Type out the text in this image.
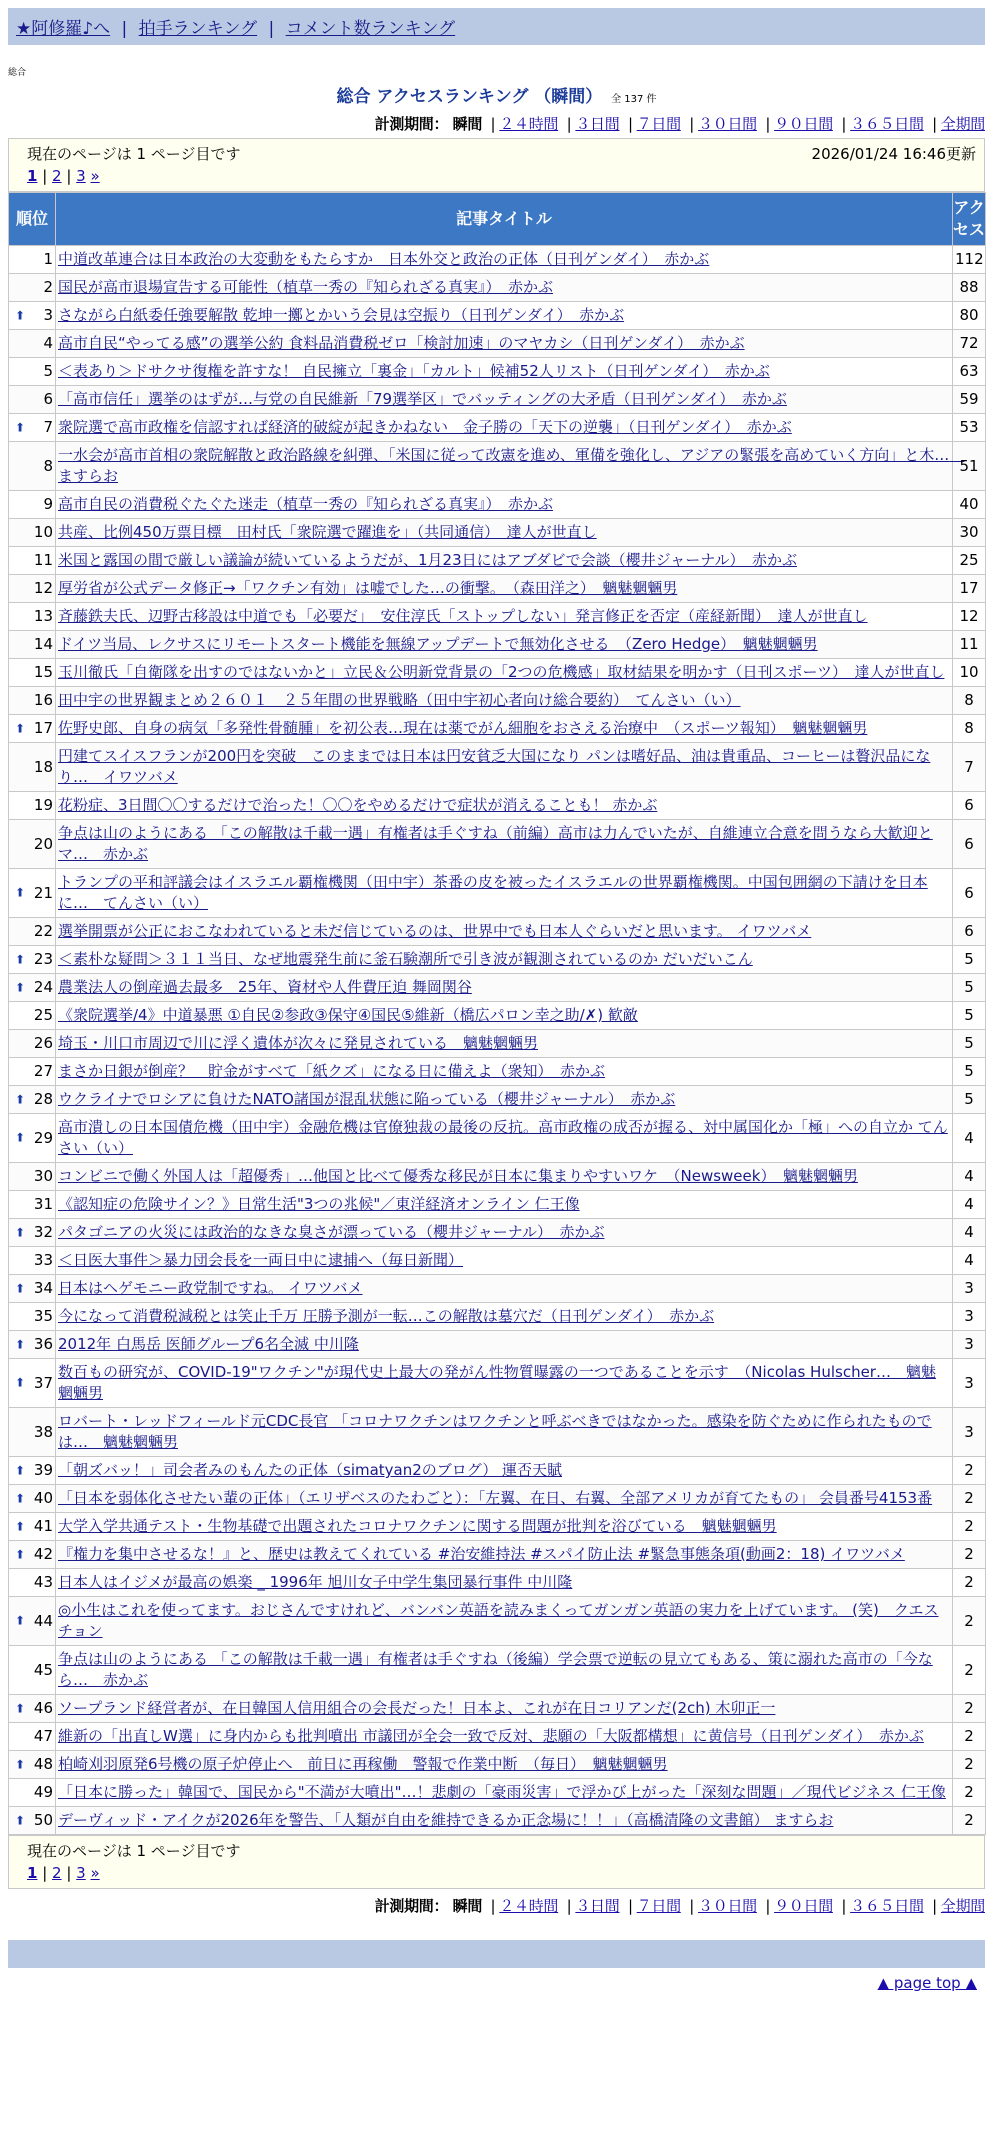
★阿修羅♪へ | 拍手ランキング | コメント数ランキング
総合
総合 アクセスランキング （瞬間） 全 137 件
計測期間： 瞬間 | ２４時間 | ３日間 | ７日間 | ３０日間 | ９０日間 | ３６５日間 | 全期間
現在のページは 1 ページ目です	2026/01/24 16:46更新
1 | 2 | 3 »
順位	記事タイトル	アクセス
1	中道改革連合は日本政治の大変動をもたらすか　日本外交と政治の正体（日刊ゲンダイ）　赤かぶ	112
2	国民が高市退場宣告する可能性（植草一秀の『知られざる真実』）　赤かぶ	88

⬆ 3	さながら白紙委任強要解散 乾坤一擲とかいう会見は空振り（日刊ゲンダイ）　赤かぶ	80
4	高市自民“やってる感”の選挙公約 食料品消費税ゼロ「検討加速」のマヤカシ（日刊ゲンダイ）　赤かぶ	72
5	＜表あり＞ドサクサ復権を許すな！ 自民擁立「裏金」「カルト」候補52人リスト（日刊ゲンダイ）　赤かぶ	63
6	「高市信任」選挙のはずが…与党の自民維新「79選挙区」でバッティングの大矛盾（日刊ゲンダイ）　赤かぶ	59

⬆ 7	衆院選で高市政権を信認すれば経済的破綻が起きかねない　金子勝の「天下の逆襲」（日刊ゲンダイ）　赤かぶ	53
8	一水会が高市首相の衆院解散と政治路線を糾弾、「米国に従って改憲を進め、軍備を強化し、アジアの緊張を高めていく方向」と木…　ますらお	51
9	高市自民の消費税ぐたぐた迷走（植草一秀の『知られざる真実』）　赤かぶ	40
10	共産、比例450万票目標　田村氏「衆院選で躍進を」（共同通信）　達人が世直し	30
11	米国と露国の間で厳しい議論が続いているようだが、1月23日にはアブダビで会談（櫻井ジャーナル）　赤かぶ	25
12	厚労省が公式データ修正→「ワクチン有効」は嘘でした…の衝撃。　（森田洋之）　魑魅魍魎男	17
13	斉藤鉄夫氏、辺野古移設は中道でも「必要だ」　安住淳氏「ストップしない」発言修正を否定（産経新聞）　達人が世直し	12
14	ドイツ当局、レクサスにリモートスタート機能を無線アップデートで無効化させる　（Zero Hedge）　魑魅魍魎男	11
15	玉川徹氏「自衛隊を出すのではないかと」立民＆公明新党背景の「2つの危機感」取材結果を明かす（日刊スポーツ）　達人が世直し	10
16	田中宇の世界観まとめ２６０１　２５年間の世界戦略（田中宇初心者向け総合要約）　てんさい（い）	8

⬆ 17	佐野史郎、自身の病気「多発性骨髄腫」を初公表…現在は薬でがん細胞をおさえる治療中　（スポーツ報知）　魑魅魍魎男	8
18	円建てスイスフランが200円を突破　このままでは日本は円安貧乏大国になり パンは嗜好品、油は貴重品、コーヒーは贅沢品になり…　イワツバメ	7
19	花粉症、3日間〇〇するだけで治った！〇〇をやめるだけで症状が消えることも！ 赤かぶ	6
20	争点は山のようにある 「この解散は千載一遇」有権者は手ぐすね（前編）高市は力んでいたが、自維連立合意を問うなら大歓迎とマ…　赤かぶ	6

⬆ 21	トランプの平和評議会はイスラエル覇権機関（田中宇）茶番の皮を被ったイスラエルの世界覇権機関。中国包囲網の下請けを日本に…　てんさい（い）	6
22	選挙開票が公正におこなわれていると未だ信じているのは、世界中でも日本人ぐらいだと思います。 イワツバメ	6

⬆ 23	＜素朴な疑問＞３１１当日、なぜ地震発生前に釜石験潮所で引き波が観測されているのか だいだいこん	5

⬆ 24	農業法人の倒産過去最多　25年、資材や人件費圧迫 舞岡関谷	5
25	《衆院選挙/4》中道暴悪 ①自民②参政③保守④国民⑤維新（橋広パロン幸之助/✗) 歓敵	5
26	埼玉・川口市周辺で川に浮く遺体が次々に発見されている　魑魅魍魎男	5
27	まさか日銀が倒産？　貯金がすべて「紙クズ」になる日に備えよ（衆知）　赤かぶ	5

⬆ 28	ウクライナでロシアに負けたNATO諸国が混乱状態に陥っている（櫻井ジャーナル）　赤かぶ	5

⬆ 29	高市潰しの日本国債危機（田中宇）金融危機は官僚独裁の最後の反抗。高市政権の成否が握る、対中属国化か「極」への自立か てんさい（い）	4
30	コンビニで働く外国人は「超優秀」…他国と比べて優秀な移民が日本に集まりやすいワケ　（Newsweek）　魑魅魍魎男	4
31	《認知症の危険サイン？》日常生活"3つの兆候"／東洋経済オンライン 仁王像	4

⬆ 32	パタゴニアの火災には政治的なきな臭さが漂っている（櫻井ジャーナル）　赤かぶ	4
33	＜日医大事件＞暴力団会長を一両日中に逮捕へ（毎日新聞）	4

⬆ 34	日本はヘゲモニー政党制ですね。 イワツバメ	3
35	今になって消費税減税とは笑止千万 圧勝予測が一転…この解散は墓穴だ（日刊ゲンダイ）　赤かぶ	3

⬆ 36	2012年 白馬岳 医師グループ6名全滅 中川隆	3

⬆ 37	数百もの研究が、COVID-19"ワクチン"が現代史上最大の発がん性物質曝露の一つであることを示す　（Nicolas Hulscher…　魑魅魍魎男	3
38	ロバート・レッドフィールド元CDC長官 「コロナワクチンはワクチンと呼ぶべきではなかった。感染を防ぐために作られたものでは…　魑魅魍魎男	3

⬆ 39	「朝ズバッ！」司会者みのもんたの正体（simatyan2のブログ） 運否天賦	2

⬆ 40	「日本を弱体化させたい輩の正体」（エリザベスのたわごと）：「左翼、在日、右翼、全部アメリカが育てたもの」 会員番号4153番	2

⬆ 41	大学入学共通テスト・生物基礎で出題されたコロナワクチンに関する問題が批判を浴びている　魑魅魍魎男	2

⬆ 42	『権力を集中させるな！』と、歴史は教えてくれている #治安維持法 #スパイ防止法 #緊急事態条項(動画2：18) イワツバメ	2
43	日本人はイジメが最高の娯楽 _ 1996年 旭川女子中学生集団暴行事件 中川隆	2

⬆ 44	◎小生はこれを使ってます。おじさんですけれど、バンバン英語を読みまくってガンガン英語の実力を上げています。 (笑)　クエスチョン	2
45	争点は山のようにある 「この解散は千載一遇」有権者は手ぐすね（後編）学会票で逆転の見立てもある、策に溺れた高市の「今なら…　赤かぶ	2

⬆ 46	ソープランド経営者が、在日韓国人信用組合の会長だった！日本よ、これが在日コリアンだ(2ch) 木卯正一	2
47	維新の「出直しW選」に身内からも批判噴出 市議団が全会一致で反対、悲願の「大阪都構想」に黄信号（日刊ゲンダイ）　赤かぶ	2

⬆ 48	柏崎刈羽原発6号機の原子炉停止へ　前日に再稼働　警報で作業中断　（毎日）　魑魅魍魎男	2
49	「日本に勝った」韓国で、国民から"不満が大噴出"…！悲劇の「豪雨災害」で浮かび上がった「深刻な問題」／現代ビジネス 仁王像	2

⬆ 50	デーヴィッド・アイクが2026年を警告、「人類が自由を維持できるか正念場に！！」（高橋清隆の文書館） ますらお	2
現在のページは 1 ページ目です
1 | 2 | 3 »
計測期間： 瞬間 | ２４時間 | ３日間 | ７日間 | ３０日間 | ９０日間 | ３６５日間 | 全期間
▲ page top ▲
